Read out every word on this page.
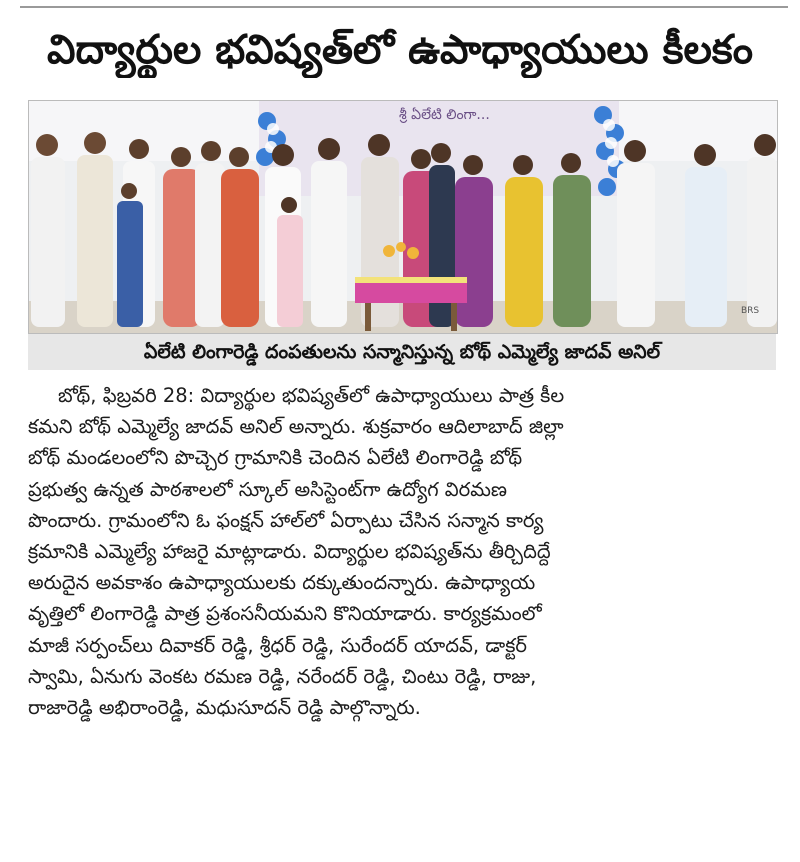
విద్యార్థుల భవిష్యత్‌లో ఉపాధ్యాయులు కీలకం
శ్రీ ఏలేటి లింగా...
BRS
ఏలేటి లింగారెడ్డి దంపతులను సన్మానిస్తున్న బోథ్‌ ఎమ్మెల్యే జాదవ్‌ అనిల్‌
బోథ్‌, ఫిబ్రవరి 28: విద్యార్థుల భవిష్యత్‌లో ఉపాధ్యాయులు పాత్ర కీల
కమని బోథ్‌ ఎమ్మెల్యే జాదవ్‌ అనిల్‌ అన్నారు. శుక్రవారం ఆదిలాబాద్‌ జిల్లా
బోథ్‌ మండలంలోని పొచ్చెర గ్రామానికి చెందిన ఏలేటి లింగారెడ్డి బోథ్‌
ప్రభుత్వ ఉన్నత పాఠశాలలో స్కూల్‌ అసిస్టెంట్‌గా ఉద్యోగ విరమణ
పొందారు. గ్రామంలోని ఓ ఫంక్షన్‌ హాల్‌లో ఏర్పాటు చేసిన సన్మాన కార్య
క్రమానికి ఎమ్మెల్యే హాజరై మాట్లాడారు. విద్యార్థుల భవిష్యత్‌ను తీర్చిదిద్దే
అరుదైన అవకాశం ఉపాధ్యాయులకు దక్కుతుందన్నారు. ఉపాధ్యాయ
వృత్తిలో లింగారెడ్డి పాత్ర ప్రశంసనీయమని కొనియాడారు. కార్యక్రమంలో
మాజీ సర్పంచ్‌లు దివాకర్‌ రెడ్డి, శ్రీధర్‌ రెడ్డి, సురేందర్‌ యాదవ్‌, డాక్టర్‌
స్వామి, ఏనుగు వెంకట రమణ రెడ్డి, నరేందర్‌ రెడ్డి, చింటు రెడ్డి, రాజు,
రాజారెడ్డి అభిరాంరెడ్డి, మధుసూదన్‌ రెడ్డి పాల్గొన్నారు.
